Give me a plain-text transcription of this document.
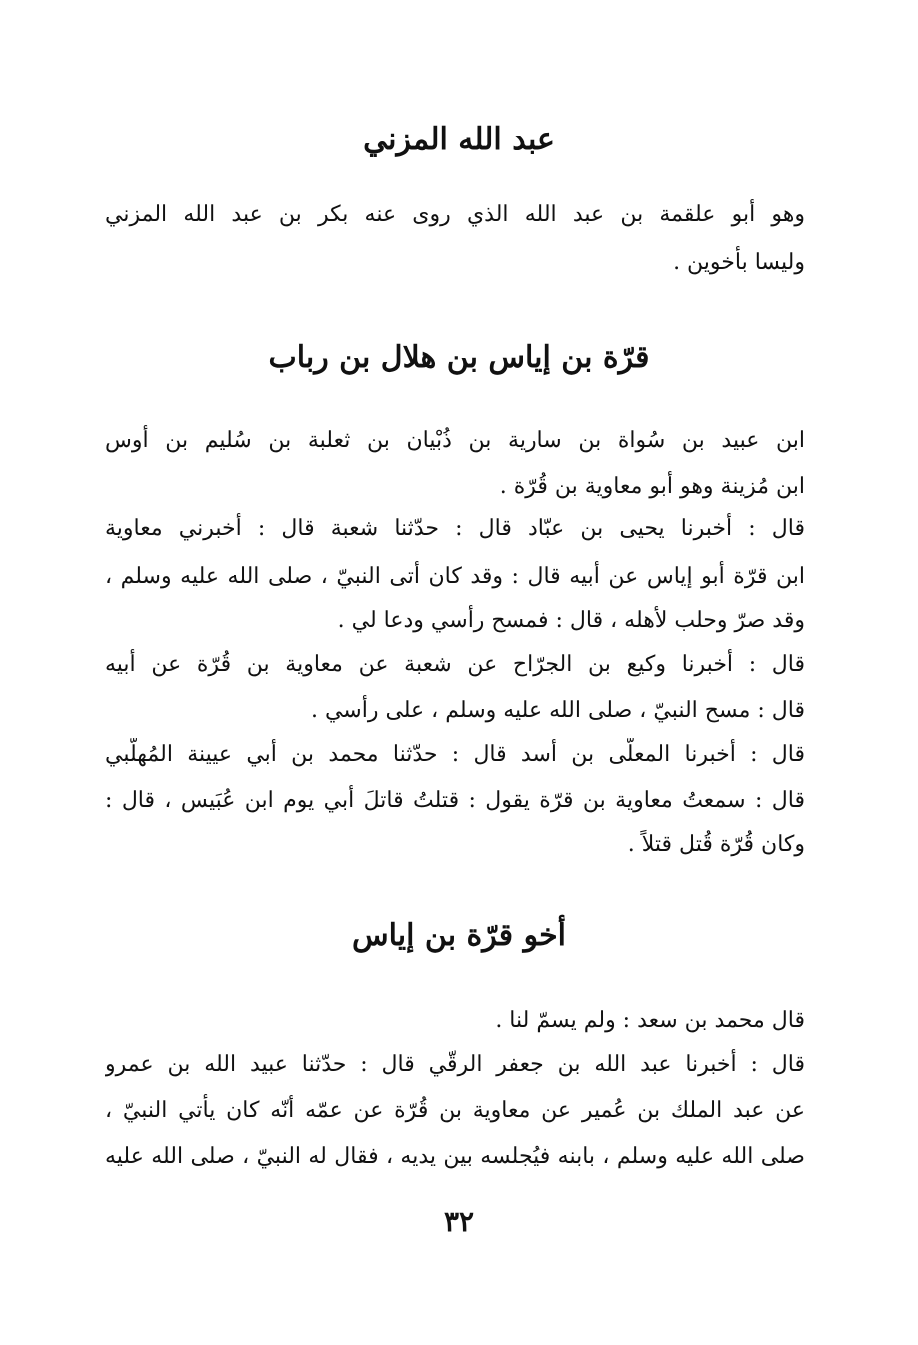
عبد الله المزني
وهو أبو علقمة بن عبد الله الذي روى عنه بكر بن عبد الله المزني
وليسا بأخوين .
قرّة بن إياس بن هلال بن رباب
ابن عبيد بن سُواة بن سارية بن ذُبْيان بن ثعلبة بن سُليم بن أوس
ابن مُزينة وهو أبو معاوية بن قُرّة .
قال : أخبرنا يحيى بن عبّاد قال : حدّثنا شعبة قال : أخبرني معاوية
ابن قرّة أبو إياس عن أبيه قال : وقد كان أتى النبيّ ، صلى الله عليه وسلم ،
وقد صرّ وحلب لأهله ، قال : فمسح رأسي ودعا لي .
قال : أخبرنا وكيع بن الجرّاح عن شعبة عن معاوية بن قُرّة عن أبيه
قال : مسح النبيّ ، صلى الله عليه وسلم ، على رأسي .
قال : أخبرنا المعلّى بن أسد قال : حدّثنا محمد بن أبي عيينة المُهلّبي
قال : سمعتُ معاوية بن قرّة يقول : قتلتُ قاتلَ أبي يوم ابن عُبَيس ، قال :
وكان قُرّة قُتل قتلاً .
أخو قرّة بن إياس
قال محمد بن سعد : ولم يسمّ لنا .
قال : أخبرنا عبد الله بن جعفر الرقّي قال : حدّثنا عبيد الله بن عمرو
عن عبد الملك بن عُمير عن معاوية بن قُرّة عن عمّه أنّه كان يأتي النبيّ ،
صلى الله عليه وسلم ، بابنه فيُجلسه بين يديه ، فقال له النبيّ ، صلى الله عليه
٣٢
